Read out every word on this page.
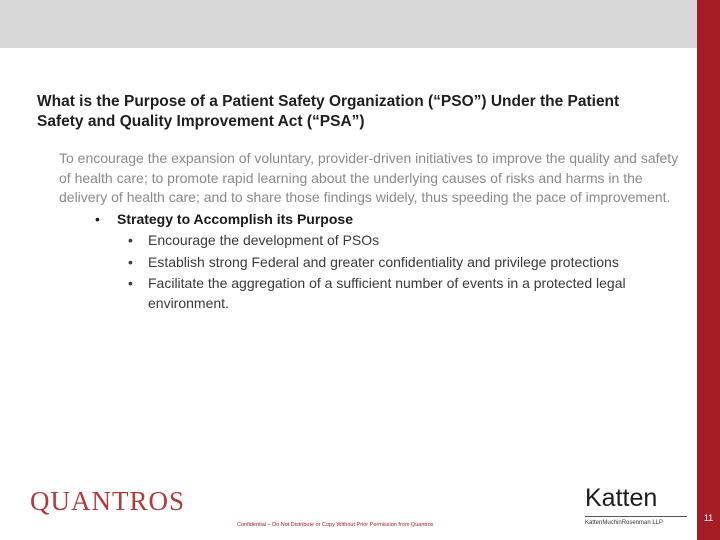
What is the Purpose of a Patient Safety Organization (“PSO”) Under the Patient Safety and Quality Improvement Act (“PSA”)

To encourage the expansion of voluntary, provider-driven initiatives to improve the quality and safety of health care; to promote rapid learning about the underlying causes of risks and harms in the delivery of health care; and to share those findings widely, thus speeding the pace of improvement.

• Strategy to Accomplish its Purpose
• Encourage the development of PSOs
• Establish strong Federal and greater confidentiality and privilege protections
• Facilitate the aggregation of a sufficient number of events in a protected legal environment.
QUANTROS
Confidential – Do Not Distribute or Copy Without Prior Permission from Quantros
Katten
KattenMuchinRosenman LLP	11
